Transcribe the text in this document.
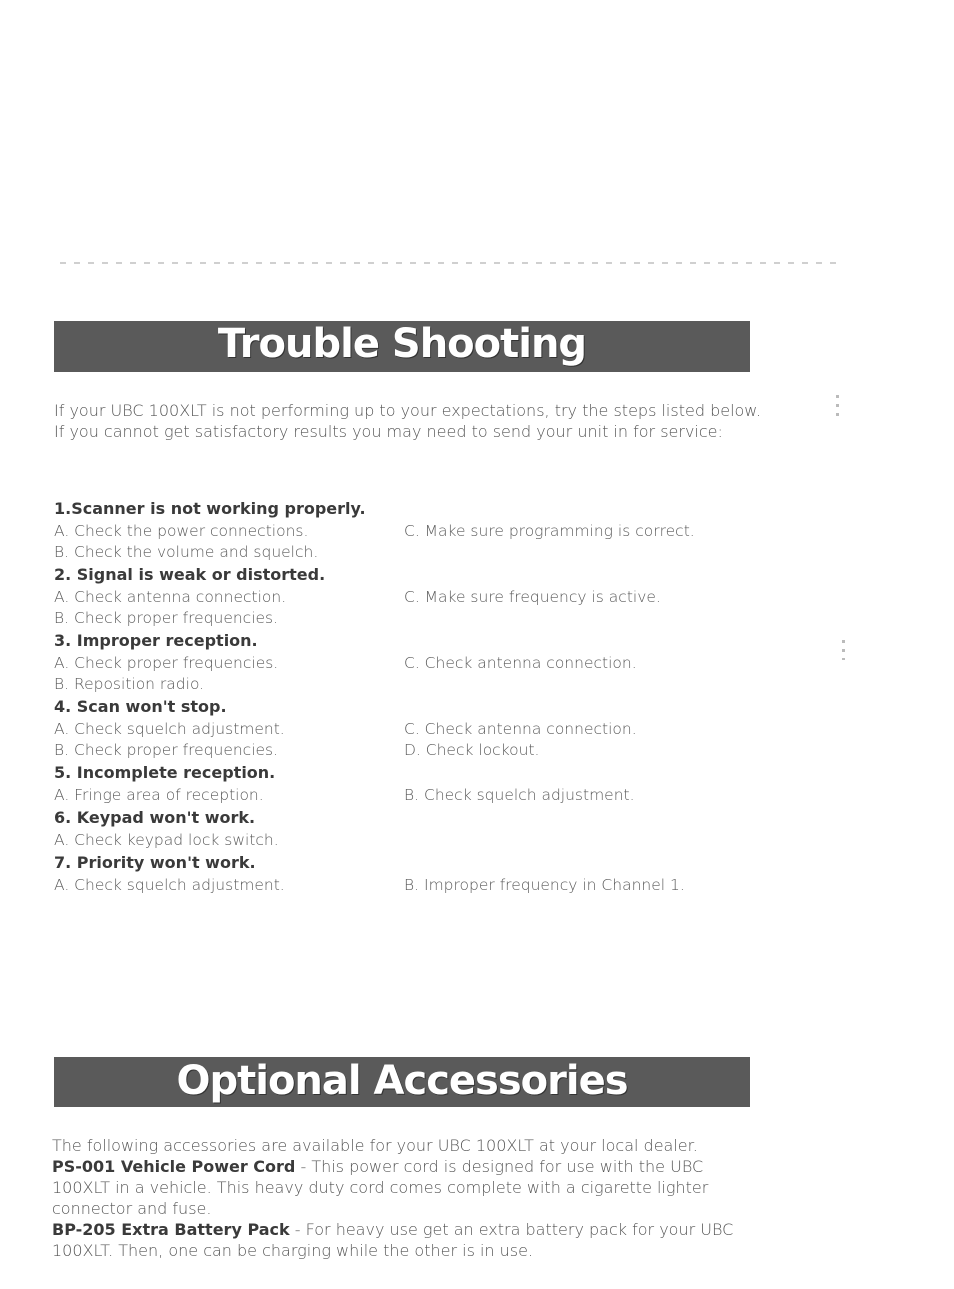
Trouble Shooting
If your UBC 100XLT is not performing up to your expectations, try the steps listed below. If you cannot get satisfactory results you may need to send your unit in for service:
1.Scanner is not working properly.
A. Check the power connections.	C. Make sure programming is correct.
B. Check the volume and squelch.
2. Signal is weak or distorted.
A. Check antenna connection.	C. Make sure frequency is active.
B. Check proper frequencies.
3. Improper reception.
A. Check proper frequencies.	C. Check antenna connection.
B. Reposition radio.
4. Scan won't stop.
A. Check squelch adjustment.	C. Check antenna connection.
B. Check proper frequencies.	D. Check lockout.
5. Incomplete reception.
A. Fringe area of reception.	B. Check squelch adjustment.
6. Keypad won't work.
A. Check keypad lock switch.
7. Priority won't work.
A. Check squelch adjustment.	B. Improper frequency in Channel 1.
Optional Accessories

The following accessories are available for your UBC 100XLT at your local dealer.

PS-001 Vehicle Power Cord - This power cord is designed for use with the UBC 100XLT in a vehicle. This heavy duty cord comes complete with a cigarette lighter connector and fuse.

BP-205 Extra Battery Pack - For heavy use get an extra battery pack for your UBC 100XLT. Then, one can be charging while the other is in use.
